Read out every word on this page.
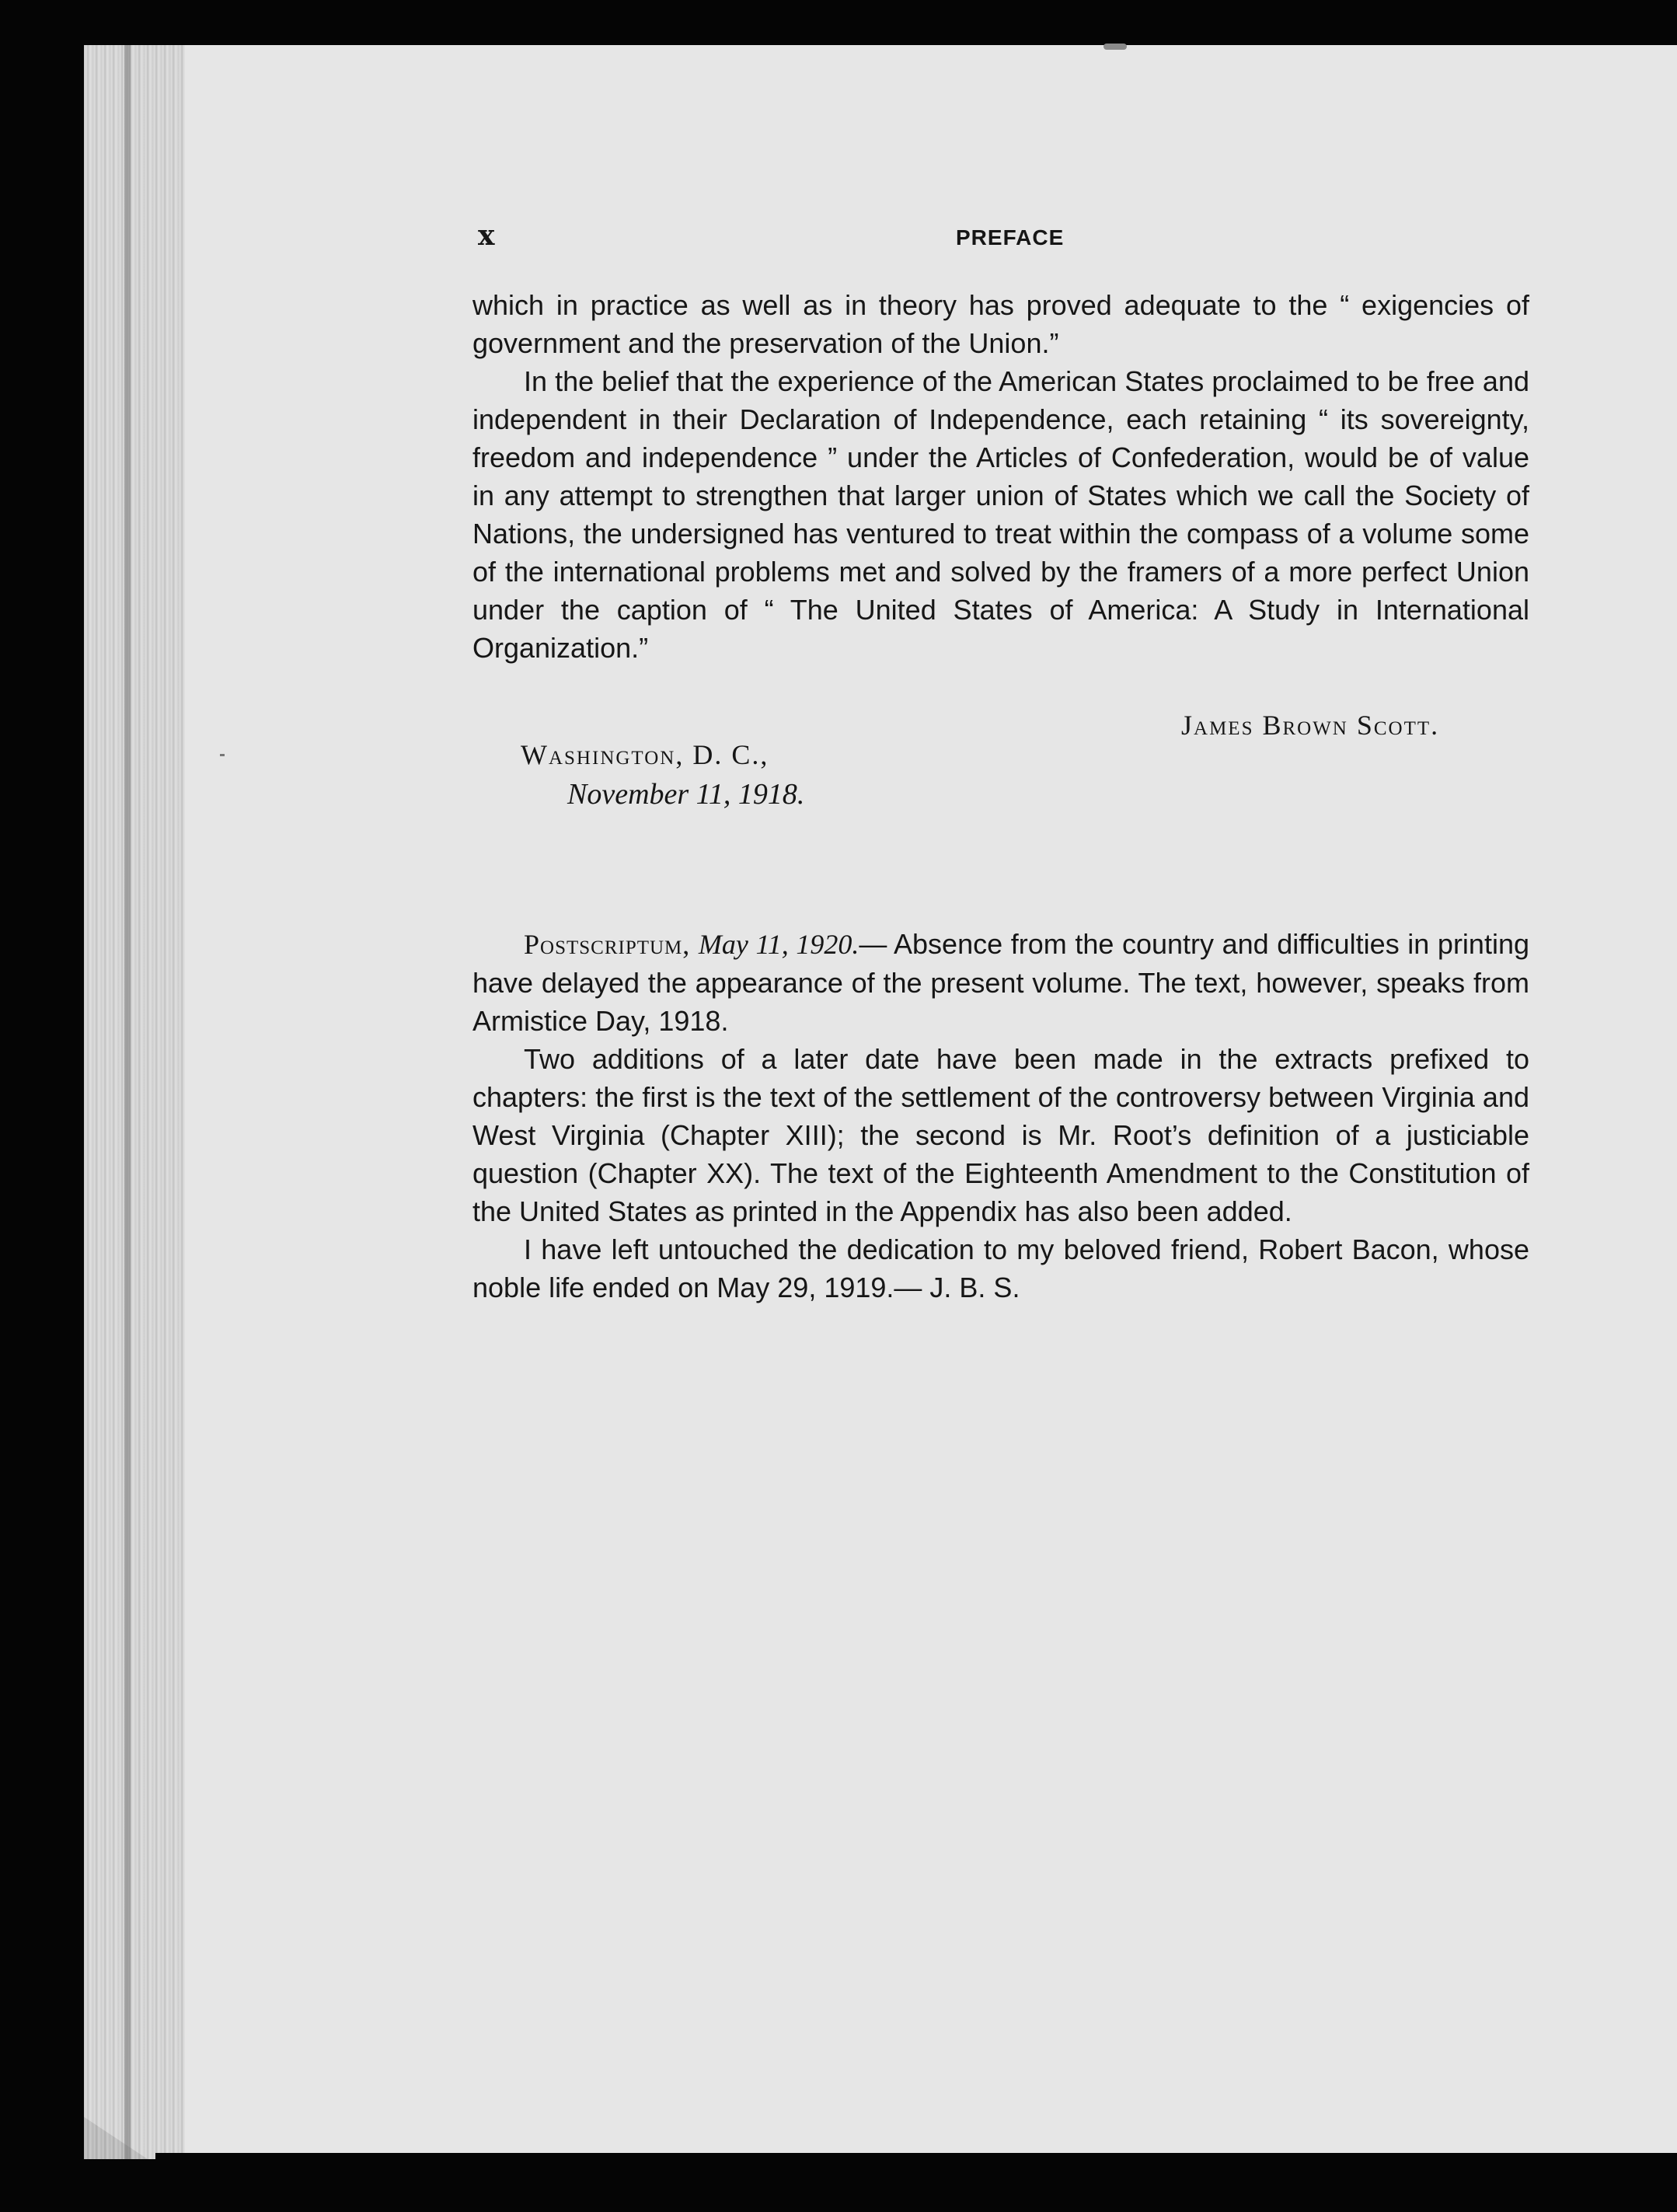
x	PREFACE

which in practice as well as in theory has proved adequate to the “ exigencies of government and the preservation of the Union.”

In the belief that the experience of the American States proclaimed to be free and independent in their Declaration of Independence, each retaining “ its sovereignty, freedom and independence ” under the Articles of Confederation, would be of value in any attempt to strengthen that larger union of States which we call the Society of Nations, the undersigned has ventured to treat within the compass of a volume some of the international problems met and solved by the framers of a more perfect Union under the caption of “ The United States of America: A Study in International Organization.”

James Brown Scott.
Washington, D. C.,
November 11, 1918.

Postscriptum, May 11, 1920.— Absence from the country and difficulties in printing have delayed the appearance of the present volume. The text, however, speaks from Armistice Day, 1918.

Two additions of a later date have been made in the extracts prefixed to chapters: the first is the text of the settlement of the controversy between Virginia and West Virginia (Chapter XIII); the second is Mr. Root’s definition of a justiciable question (Chapter XX). The text of the Eighteenth Amendment to the Constitution of the United States as printed in the Appendix has also been added.

I have left untouched the dedication to my beloved friend, Robert Bacon, whose noble life ended on May 29, 1919.— J. B. S.
